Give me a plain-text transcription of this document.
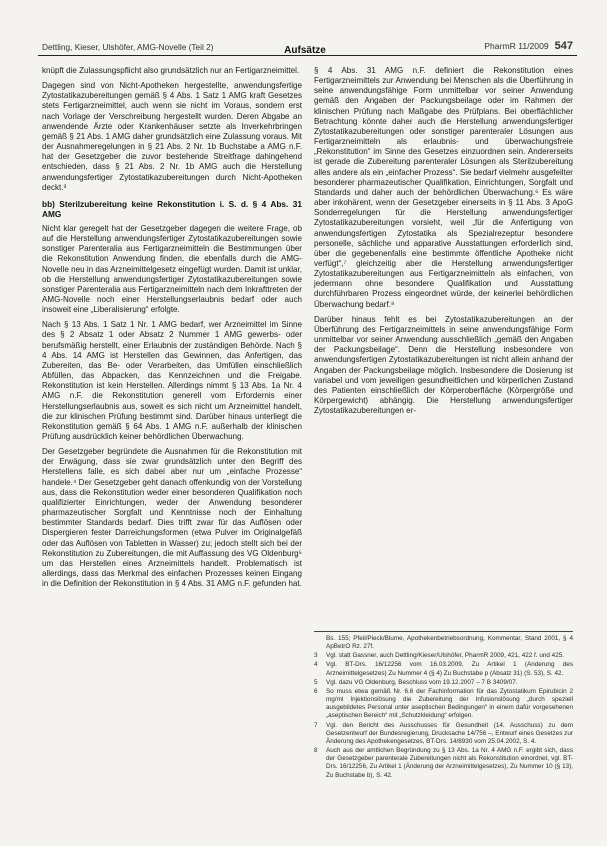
Dettling, Kieser, Ulshöfer, AMG-Novelle (Teil 2)	Aufsätze	PharmR 11/2009 547

knüpft die Zulassungspflicht also grundsätzlich nur an Fertigarzneimittel.

Dagegen sind von Nicht-Apotheken hergestellte, anwendungsfertige Zytostatikazubereitungen gemäß § 4 Abs. 1 Satz 1 AMG kraft Gesetzes stets Fertigarzneimittel, auch wenn sie nicht im Voraus, sondern erst nach Vorlage der Verschreibung hergestellt wurden. Deren Abgabe an anwendende Ärzte oder Krankenhäuser setzte als Inverkehrbringen gemäß § 21 Abs. 1 AMG daher grundsätzlich eine Zulassung voraus. Mit der Ausnahmeregelungen in § 21 Abs. 2 Nr. 1b Buchstabe a AMG n.F. hat der Gesetzgeber die zuvor bestehende Streitfrage dahingehend entschieden, dass § 21 Abs. 2 Nr. 1b AMG auch die Herstellung anwendungsfertiger Zytostatikazubereitungen durch Nicht-Apotheken deckt.³

bb) Sterilzubereitung keine Rekonstitution i. S. d. § 4 Abs. 31 AMG

Nicht klar geregelt hat der Gesetzgeber dagegen die weitere Frage, ob auf die Herstellung anwendungsfertiger Zytostatikazubereitungen sowie sonstiger Parenteralia aus Fertigarzneimitteln die Bestimmungen über die Rekonstitution Anwendung finden, die ebenfalls durch die AMG-Novelle neu in das Arzneimittelgesetz eingefügt wurden. Damit ist unklar, ob die Herstellung anwendungsfertiger Zytostatikazubereitungen sowie sonstiger Parenteralia aus Fertigarzneimitteln nach dem Inkrafttreten der AMG-Novelle noch einer Herstellungserlaubnis bedarf oder auch insoweit eine „Liberalisierung“ erfolgte.

Nach § 13 Abs. 1 Satz 1 Nr. 1 AMG bedarf, wer Arzneimittel im Sinne des § 2 Absatz 1 oder Absatz 2 Nummer 1 AMG gewerbs- oder berufsmäßig herstellt, einer Erlaubnis der zuständigen Behörde. Nach § 4 Abs. 14 AMG ist Herstellen das Gewinnen, das Anfertigen, das Zubereiten, das Be- oder Verarbeiten, das Umfüllen einschließlich Abfüllen, das Abpacken, das Kennzeichnen und die Freigabe. Rekonstitution ist kein Herstellen. Allerdings nimmt § 13 Abs. 1a Nr. 4 AMG n.F. die Rekonstitution generell vom Erfordernis einer Herstellungserlaubnis aus, soweit es sich nicht um Arzneimittel handelt, die zur klinischen Prüfung bestimmt sind. Darüber hinaus unterliegt die Rekonstitution gemäß § 64 Abs. 1 AMG n.F. außerhalb der klinischen Prüfung ausdrücklich keiner behördlichen Überwachung.

Der Gesetzgeber begründete die Ausnahmen für die Rekonstitution mit der Erwägung, dass sie zwar grundsätzlich unter den Begriff des Herstellens falle, es sich dabei aber nur um „einfache Prozesse“ handele.⁴ Der Gesetzgeber geht danach offenkundig von der Vorstellung aus, dass die Rekonstitution weder einer besonderen Qualifikation noch qualifizierter Einrichtungen, weder der Anwendung besonderer pharmazeutischer Sorgfalt und Kenntnisse noch der Einhaltung bestimmter Standards bedarf. Dies trifft zwar für das Auflösen oder Dispergieren fester Darreichungsformen (etwa Pulver im Originalgefäß oder das Auflösen von Tabletten in Wasser) zu; jedoch stellt sich bei der Rekonstitution zu Zubereitungen, die mit Auffassung des VG Oldenburg⁵ um das Herstellen eines Arzneimittels handelt. Problematisch ist allerdings, dass das Merkmal des einfachen Prozesses keinen Eingang in die Definition der Rekonstitution in § 4 Abs. 31 AMG n.F. gefunden hat.

§ 4 Abs. 31 AMG n.F. definiert die Rekonstitution eines Fertigarzneimittels zur Anwendung bei Menschen als die Überführung in seine anwendungsfähige Form unmittelbar vor seiner Anwendung gemäß den Angaben der Packungsbeilage oder im Rahmen der klinischen Prüfung nach Maßgabe des Prüfplans. Bei oberflächlicher Betrachtung könnte daher auch die Herstellung anwendungsfertiger Zytostatikazubereitungen oder sonstiger parenteraler Lösungen aus Fertigarzneimitteln als erlaubnis- und überwachungsfreie „Rekonstitution“ im Sinne des Gesetzes einzuordnen sein. Andererseits ist gerade die Zubereitung parenteraler Lösungen als Sterilzubereitung alles andere als ein „einfacher Prozess“. Sie bedarf vielmehr ausgefeilter besonderer pharmazeutischer Qualifikation, Einrichtungen, Sorgfalt und Standards und daher auch der behördlichen Überwachung.⁶ Es wäre aber inkohärent, wenn der Gesetzgeber einerseits in § 11 Abs. 3 ApoG Sonderregelungen für die Herstellung anwendungsfertiger Zytostatikazubereitungen vorsieht, weil „für die Anfertigung von anwendungsfertigen Zytostatika als Spezialrezeptur besondere personelle, sächliche und apparative Ausstattungen erforderlich sind, über die gegebenenfalls eine bestimmte öffentliche Apotheke nicht verfügt“,⁷ gleichzeitig aber die Herstellung anwendungsfertiger Zytostatikazubereitungen aus Fertigarzneimitteln als einfachen, von jedermann ohne besondere Qualifikation und Ausstattung durchführbaren Prozess eingeordnet würde, der keinerlei behördlichen Überwachung bedarf.⁸

Darüber hinaus fehlt es bei Zytostatikazubereitungen an der Überführung des Fertigarzneimittels in seine anwendungsfähige Form unmittelbar vor seiner Anwendung ausschließlich „gemäß den Angaben der Packungsbeilage“. Denn die Herstellung insbesondere von anwendungsfertigen Zytostatikazubereitungen ist nicht allein anhand der Angaben der Packungsbeilage möglich. Insbesondere die Dosierung ist variabel und vom jeweiligen gesundheitlichen und körperlichen Zustand des Patienten einschließlich der Körperoberfläche (Körpergröße und Körpergewicht) abhängig. Die Herstellung anwendungsfertiger Zytostatikazubereitungen er-

Bs. 155; Pfeil/Pieck/Blume, Apothekenbetriebsordnung, Kommentar, Stand 2001, § 4 ApBetrO Rz. 27f.
3	Vgl. statt Gassner, auch Dettling/Kieser/Ulshöfer, PharmR 2009, 421, 422 f. und 425.
4	Vgl. BT-Drs. 16/12256 vom 16.03.2009, Zu Artikel 1 (Änderung des Arzneimittelgesetzes) Zu Nummer 4 (§ 4) Zu Buchstabe p (Absatz 31) (S. 53), S. 42.
5	Vgl. dazu VG Oldenburg, Beschluss vom 19.12.2007 – 7 B 3409/07.
6	So muss etwa gemäß Nr. 6.6 der Fachinformation für das Zytostatikum Epirubicin 2 mg/ml Injektionslösung die Zubereitung der Infusionslösung „durch speziell ausgebildetes Personal unter aseptischen Bedingungen“ in einem dafür vorgesehenen „aseptischen Bereich“ mit „Schutzkleidung“ erfolgen.
7	Vgl. den Bericht des Ausschusses für Gesundheit (14. Ausschuss) zu dem Gesetzentwurf der Bundesregierung, Drucksache 14/756 –, Entwurf eines Gesetzes zur Änderung des Apothekengesetzes, BT-Drs. 14/8930 vom 25.04.2002, S. 4.
8	Auch aus der amtlichen Begründung zu § 13 Abs. 1a Nr. 4 AMG n.F. ergibt sich, dass der Gesetzgeber parenterale Zubereitungen nicht als Rekonstitution einordnet, vgl. BT-Drs. 16/12256, Zu Artikel 1 (Änderung der Arzneimittelgesetzes), Zu Nummer 10 (§ 13), Zu Buchstabe b), S. 42.
